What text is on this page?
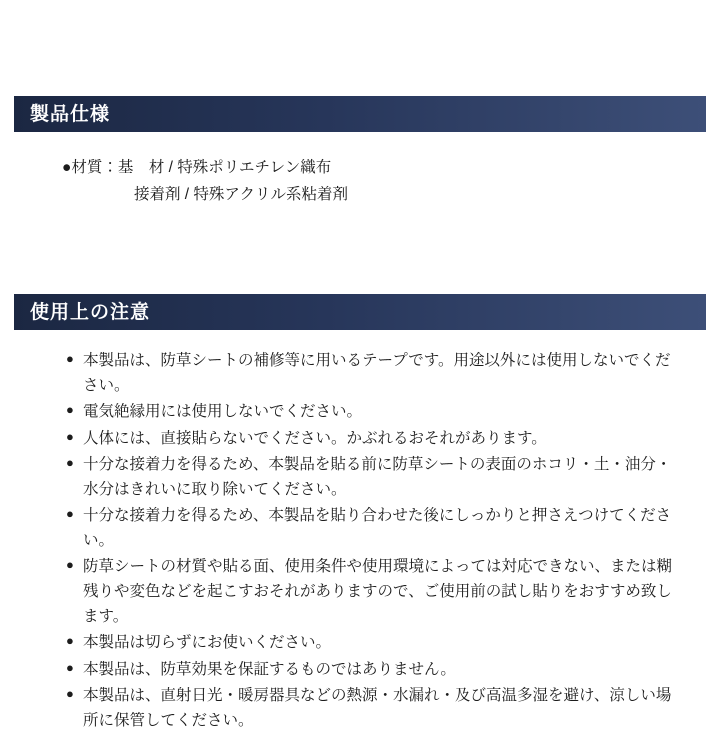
製品仕様
●材質：基　材 / 特殊ポリエチレン織布
接着剤 / 特殊アクリル系粘着剤
使用上の注意
● 本製品は、防草シートの補修等に用いるテープです。用途以外には使用しないでください。
● 電気絶縁用には使用しないでください。
● 人体には、直接貼らないでください。かぶれるおそれがあります。
● 十分な接着力を得るため、本製品を貼る前に防草シートの表面のホコリ・土・油分・水分はきれいに取り除いてください。
● 十分な接着力を得るため、本製品を貼り合わせた後にしっかりと押さえつけてください。
● 防草シートの材質や貼る面、使用条件や使用環境によっては対応できない、または糊残りや変色などを起こすおそれがありますので、ご使用前の試し貼りをおすすめ致します。
● 本製品は切らずにお使いください。
● 本製品は、防草効果を保証するものではありません。
● 本製品は、直射日光・暖房器具などの熱源・水漏れ・及び高温多湿を避け、涼しい場所に保管してください。
